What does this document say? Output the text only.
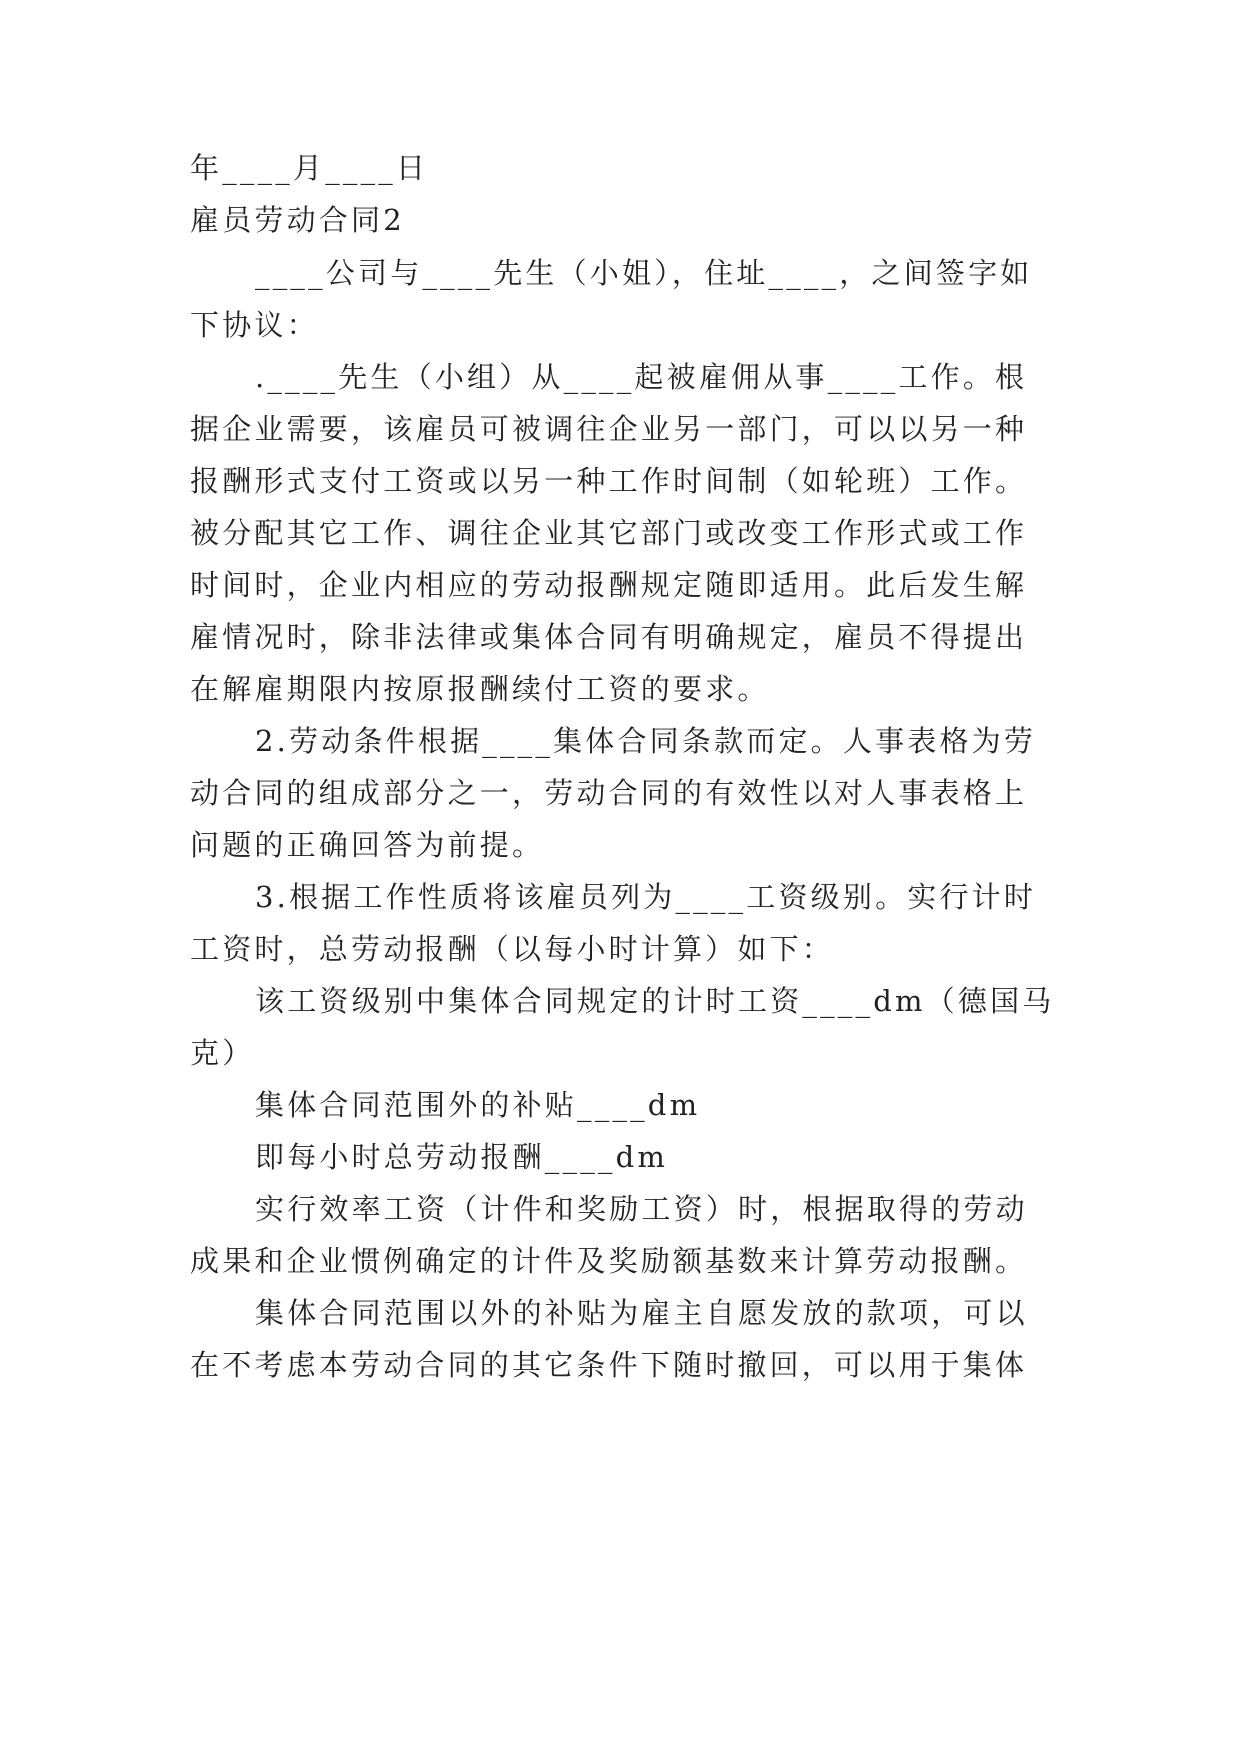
年____月____日
雇员劳动合同2
____公司与____先生（小姐），住址____，之间签字如
下协议：
.____先生（小组）从____起被雇佣从事____工作。根
据企业需要，该雇员可被调往企业另一部门，可以以另一种
报酬形式支付工资或以另一种工作时间制（如轮班）工作。
被分配其它工作、调往企业其它部门或改变工作形式或工作
时间时，企业内相应的劳动报酬规定随即适用。此后发生解
雇情况时，除非法律或集体合同有明确规定，雇员不得提出
在解雇期限内按原报酬续付工资的要求。
2.劳动条件根据____集体合同条款而定。人事表格为劳
动合同的组成部分之一，劳动合同的有效性以对人事表格上
问题的正确回答为前提。
3.根据工作性质将该雇员列为____工资级别。实行计时
工资时，总劳动报酬（以每小时计算）如下：
该工资级别中集体合同规定的计时工资____dm（德国马
克）
集体合同范围外的补贴____dm
即每小时总劳动报酬____dm
实行效率工资（计件和奖励工资）时，根据取得的劳动
成果和企业惯例确定的计件及奖励额基数来计算劳动报酬。
集体合同范围以外的补贴为雇主自愿发放的款项，可以
在不考虑本劳动合同的其它条件下随时撤回，可以用于集体
